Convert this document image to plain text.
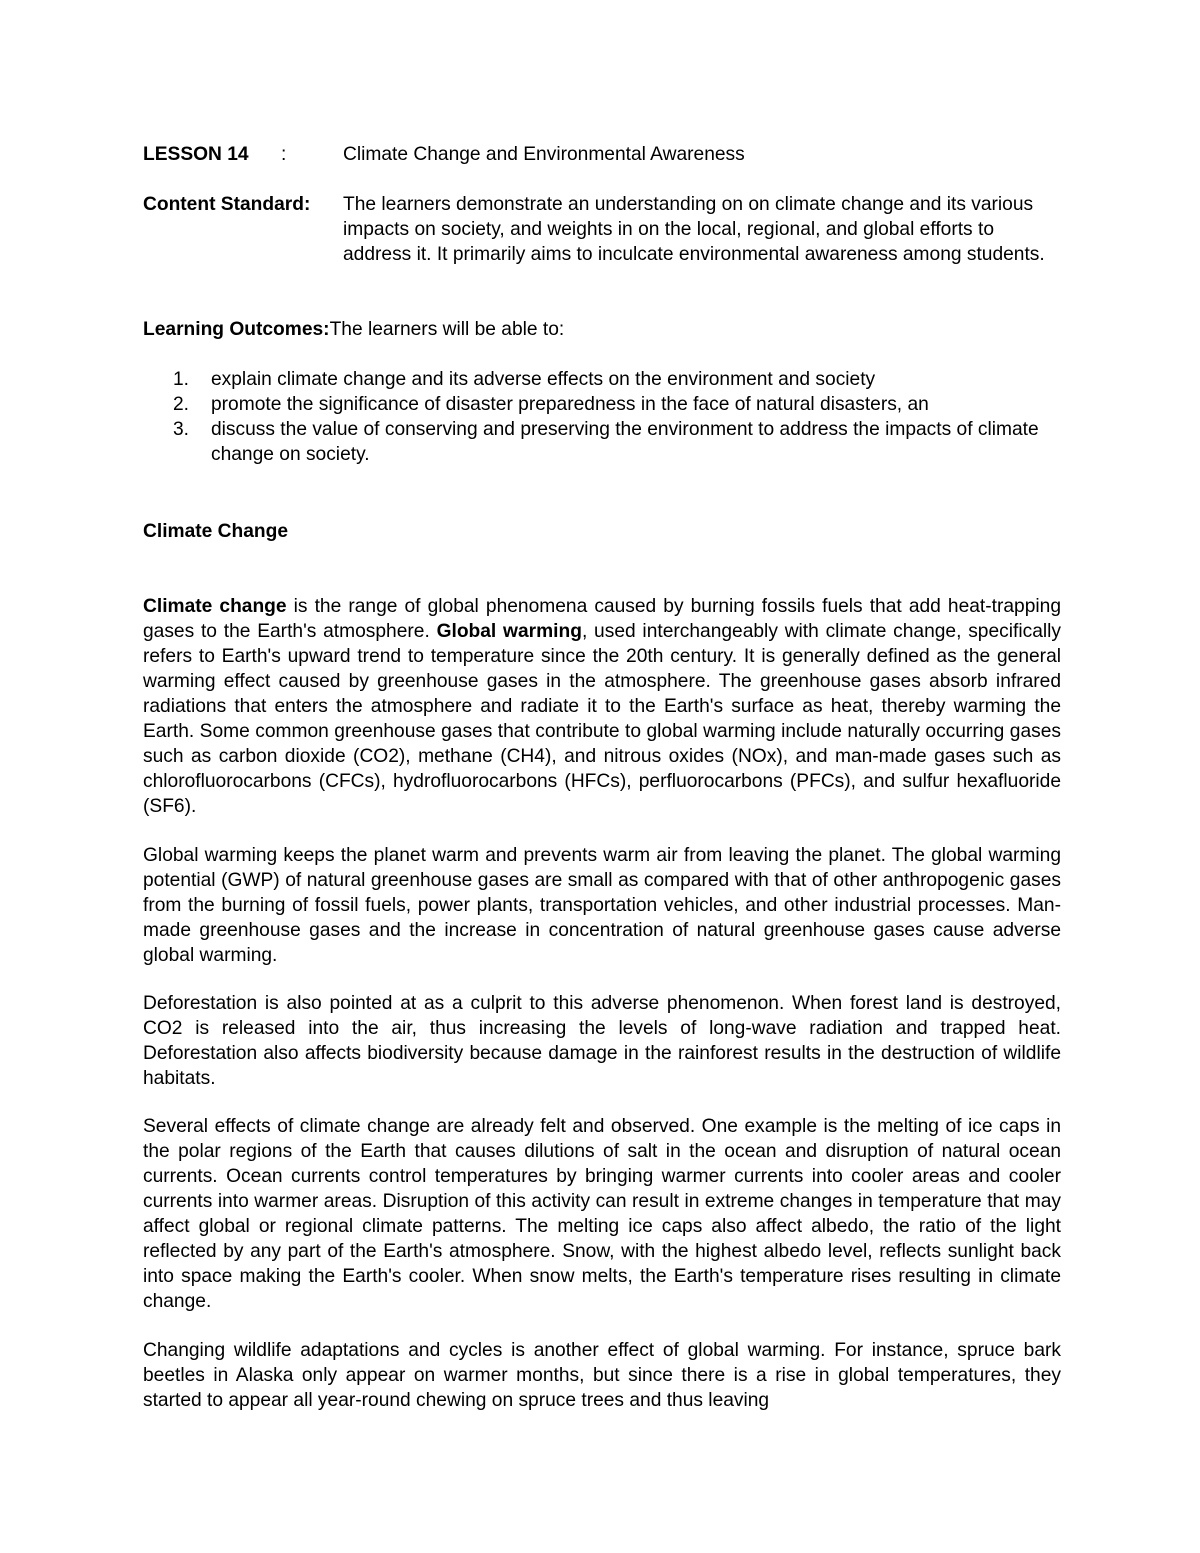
LESSON 14 :	Climate Change and Environmental Awareness
Content Standard: The learners demonstrate an understanding on on climate change and its various impacts on society, and weights in on the local, regional, and global efforts to address it. It primarily aims to inculcate environmental awareness among students.
Learning Outcomes:The learners will be able to:
1. explain climate change and its adverse effects on the environment and society
2. promote the significance of disaster preparedness in the face of natural disasters, an
3. discuss the value of conserving and preserving the environment to address the impacts of climate change on society.
Climate Change

Climate change is the range of global phenomena caused by burning fossils fuels that add heat-trapping gases to the Earth's atmosphere. Global warming, used interchangeably with climate change, specifically refers to Earth's upward trend to temperature since the 20th century. It is generally defined as the general warming effect caused by greenhouse gases in the atmosphere. The greenhouse gases absorb infrared radiations that enters the atmosphere and radiate it to the Earth's surface as heat, thereby warming the Earth. Some common greenhouse gases that contribute to global warming include naturally occurring gases such as carbon dioxide (CO2), methane (CH4), and nitrous oxides (NOx), and man-made gases such as chlorofluorocarbons (CFCs), hydrofluorocarbons (HFCs), perfluorocarbons (PFCs), and sulfur hexafluoride (SF6).

Global warming keeps the planet warm and prevents warm air from leaving the planet. The global warming potential (GWP) of natural greenhouse gases are small as compared with that of other anthropogenic gases from the burning of fossil fuels, power plants, transportation vehicles, and other industrial processes. Man-made greenhouse gases and the increase in concentration of natural greenhouse gases cause adverse global warming.

Deforestation is also pointed at as a culprit to this adverse phenomenon. When forest land is destroyed, CO2 is released into the air, thus increasing the levels of long-wave radiation and trapped heat. Deforestation also affects biodiversity because damage in the rainforest results in the destruction of wildlife habitats.

Several effects of climate change are already felt and observed. One example is the melting of ice caps in the polar regions of the Earth that causes dilutions of salt in the ocean and disruption of natural ocean currents. Ocean currents control temperatures by bringing warmer currents into cooler areas and cooler currents into warmer areas. Disruption of this activity can result in extreme changes in temperature that may affect global or regional climate patterns. The melting ice caps also affect albedo, the ratio of the light reflected by any part of the Earth's atmosphere. Snow, with the highest albedo level, reflects sunlight back into space making the Earth's cooler. When snow melts, the Earth's temperature rises resulting in climate change.

Changing wildlife adaptations and cycles is another effect of global warming. For instance, spruce bark beetles in Alaska only appear on warmer months, but since there is a rise in global temperatures, they started to appear all year-round chewing on spruce trees and thus leaving
